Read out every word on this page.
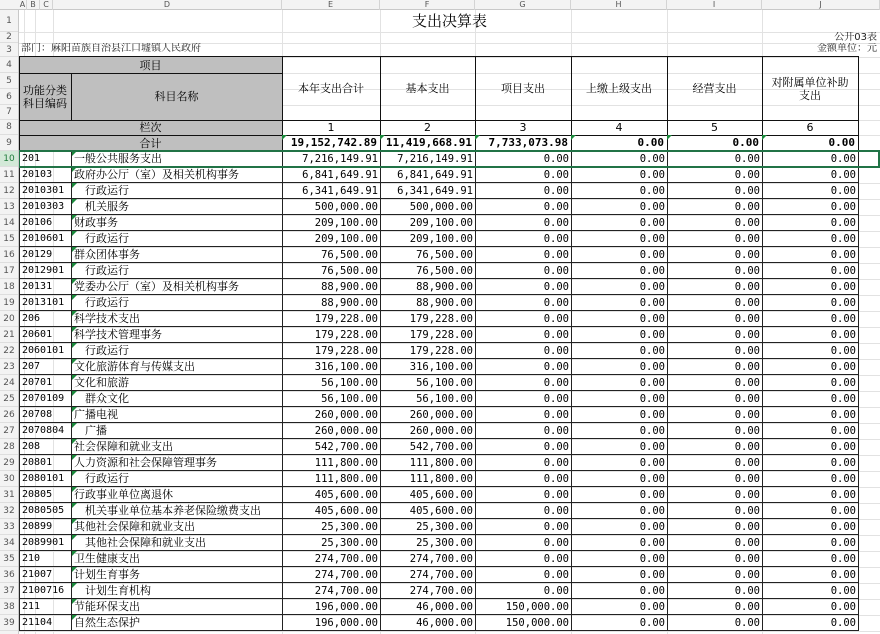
A B C	D	E	F	G	H	I	J
1
2
3
4
5
6
7
8
9
10
11
12
13
14
15
16
17
18
19
20
21
22
23
24
25
26
27
28
29
30
31
32
33
34
35
36
37
38
39
支出决算表
公开03表
部门：麻阳苗族自治县江口墟镇人民政府	金额单位：元
项目
功能分类
科目编码	科目名称
本年支出合计	基本支出	项目支出	上缴上级支出	经营支出	对附属单位补助
支出
栏次	1	2	3	4	5	6
合计	19,152,742.89 11,419,668.91	7,733,073.98	0.00	0.00	0.00
201	一般公共服务支出	7,216,149.91	7,216,149.91	0.00	0.00	0.00	0.00
20103	政府办公厅（室）及相关机构事务	6,841,649.91	6,841,649.91	0.00	0.00	0.00	0.00
2010301	行政运行	6,341,649.91	6,341,649.91	0.00	0.00	0.00	0.00
2010303	机关服务	500,000.00	500,000.00	0.00	0.00	0.00	0.00
20106	财政事务	209,100.00	209,100.00	0.00	0.00	0.00	0.00
2010601	行政运行	209,100.00	209,100.00	0.00	0.00	0.00	0.00
20129	群众团体事务	76,500.00	76,500.00	0.00	0.00	0.00	0.00
2012901	行政运行	76,500.00	76,500.00	0.00	0.00	0.00	0.00
20131	党委办公厅（室）及相关机构事务	88,900.00	88,900.00	0.00	0.00	0.00	0.00
2013101	行政运行	88,900.00	88,900.00	0.00	0.00	0.00	0.00
206	科学技术支出	179,228.00	179,228.00	0.00	0.00	0.00	0.00
20601	科学技术管理事务	179,228.00	179,228.00	0.00	0.00	0.00	0.00
2060101	行政运行	179,228.00	179,228.00	0.00	0.00	0.00	0.00
207	文化旅游体育与传媒支出	316,100.00	316,100.00	0.00	0.00	0.00	0.00
20701	文化和旅游	56,100.00	56,100.00	0.00	0.00	0.00	0.00
2070109	群众文化	56,100.00	56,100.00	0.00	0.00	0.00	0.00
20708	广播电视	260,000.00	260,000.00	0.00	0.00	0.00	0.00
2070804	广播	260,000.00	260,000.00	0.00	0.00	0.00	0.00
208	社会保障和就业支出	542,700.00	542,700.00	0.00	0.00	0.00	0.00
20801	人力资源和社会保障管理事务	111,800.00	111,800.00	0.00	0.00	0.00	0.00
2080101	行政运行	111,800.00	111,800.00	0.00	0.00	0.00	0.00
20805	行政事业单位离退休	405,600.00	405,600.00	0.00	0.00	0.00	0.00
2080505	机关事业单位基本养老保险缴费支出	405,600.00	405,600.00	0.00	0.00	0.00	0.00
20899	其他社会保障和就业支出	25,300.00	25,300.00	0.00	0.00	0.00	0.00
2089901	其他社会保障和就业支出	25,300.00	25,300.00	0.00	0.00	0.00	0.00
210	卫生健康支出	274,700.00	274,700.00	0.00	0.00	0.00	0.00
21007	计划生育事务	274,700.00	274,700.00	0.00	0.00	0.00	0.00
2100716	计划生育机构	274,700.00	274,700.00	0.00	0.00	0.00	0.00
211	节能环保支出	196,000.00	46,000.00	150,000.00	0.00	0.00	0.00
21104	自然生态保护	196,000.00	46,000.00	150,000.00	0.00	0.00	0.00
